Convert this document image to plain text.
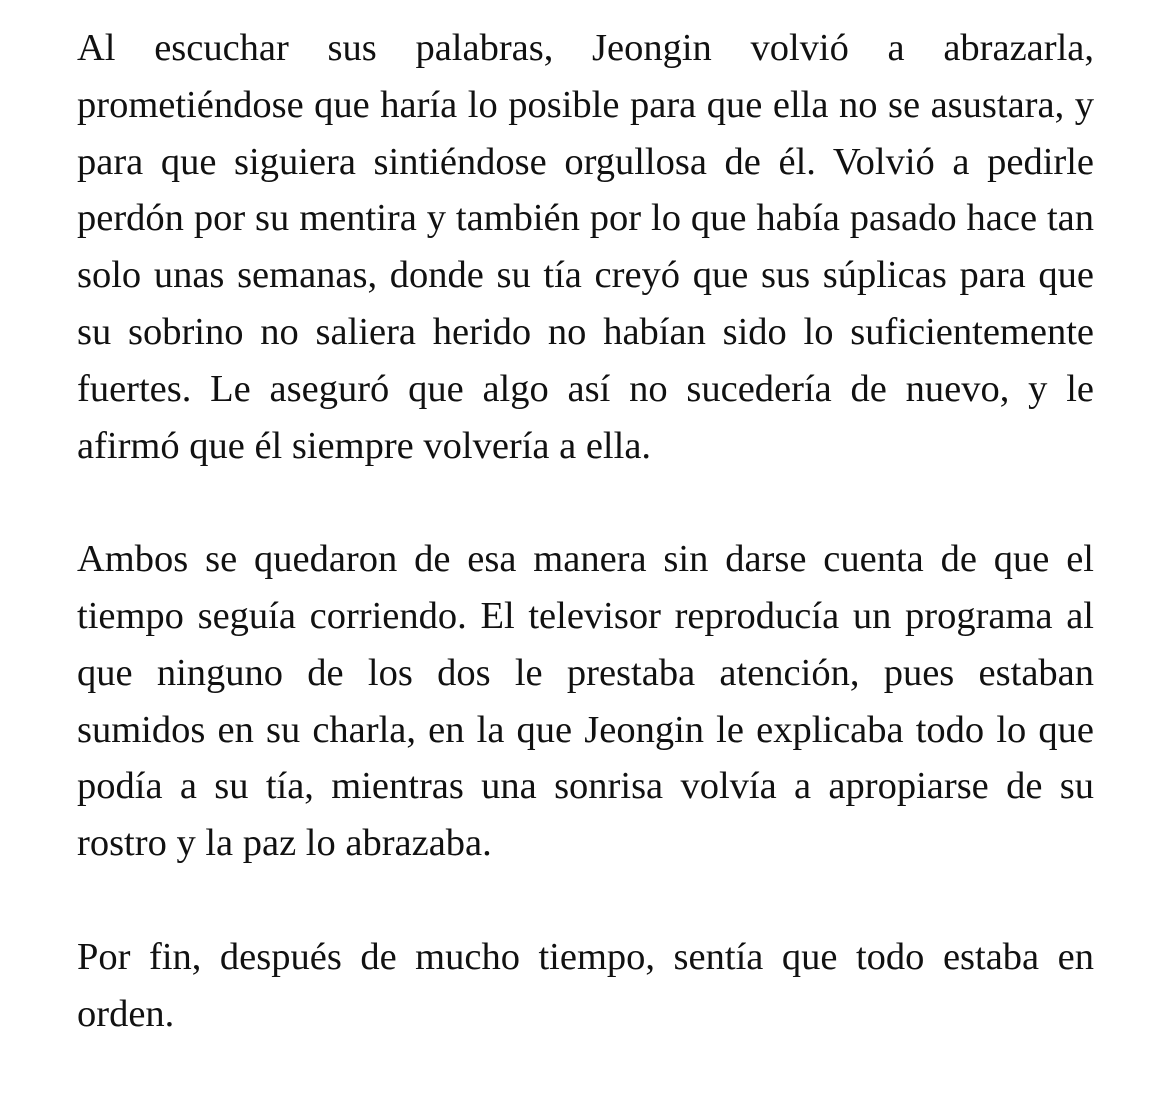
Al escuchar sus palabras, Jeongin volvió a abrazarla, prometiéndose que haría lo posible para que ella no se asustara, y para que siguiera sintiéndose orgullosa de él. Volvió a pedirle perdón por su mentira y también por lo que había pasado hace tan solo unas semanas, donde su tía creyó que sus súplicas para que su sobrino no saliera herido no habían sido lo suficientemente fuertes. Le aseguró que algo así no sucedería de nuevo, y le afirmó que él siempre volvería a ella.

Ambos se quedaron de esa manera sin darse cuenta de que el tiempo seguía corriendo. El televisor reproducía un programa al que ninguno de los dos le prestaba atención, pues estaban sumidos en su charla, en la que Jeongin le explicaba todo lo que podía a su tía, mientras una sonrisa volvía a apropiarse de su rostro y la paz lo abrazaba.

Por fin, después de mucho tiempo, sentía que todo estaba en orden.
